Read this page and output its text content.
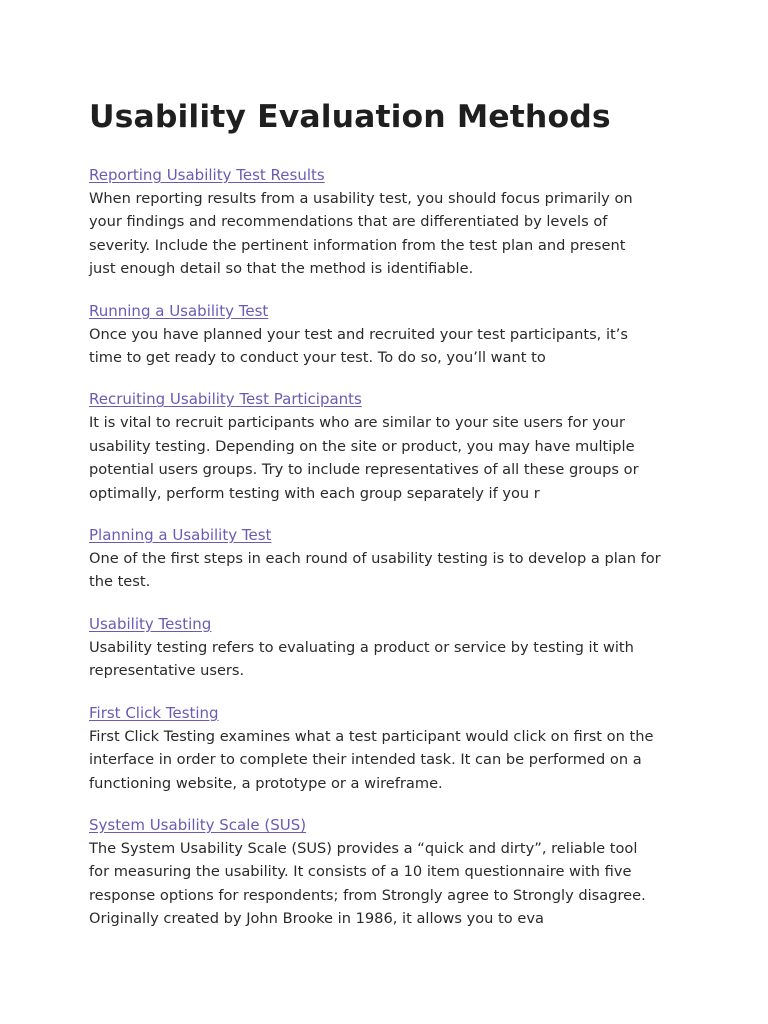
Usability Evaluation Methods
Reporting Usability Test Results

When reporting results from a usability test, you should focus primarily on
your findings and recommendations that are differentiated by levels of
severity. Include the pertinent information from the test plan and present
just enough detail so that the method is identifiable.

Running a Usability Test

Once you have planned your test and recruited your test participants, it’s
time to get ready to conduct your test. To do so, you’ll want to

Recruiting Usability Test Participants

It is vital to recruit participants who are similar to your site users for your
usability testing. Depending on the site or product, you may have multiple
potential users groups. Try to include representatives of all these groups or
optimally, perform testing with each group separately if you r

Planning a Usability Test

One of the first steps in each round of usability testing is to develop a plan for
the test.

Usability Testing

Usability testing refers to evaluating a product or service by testing it with
representative users.

First Click Testing

First Click Testing examines what a test participant would click on first on the
interface in order to complete their intended task. It can be performed on a
functioning website, a prototype or a wireframe.

System Usability Scale (SUS)

The System Usability Scale (SUS) provides a “quick and dirty”, reliable tool
for measuring the usability. It consists of a 10 item questionnaire with five
response options for respondents; from Strongly agree to Strongly disagree.
Originally created by John Brooke in 1986, it allows you to eva
